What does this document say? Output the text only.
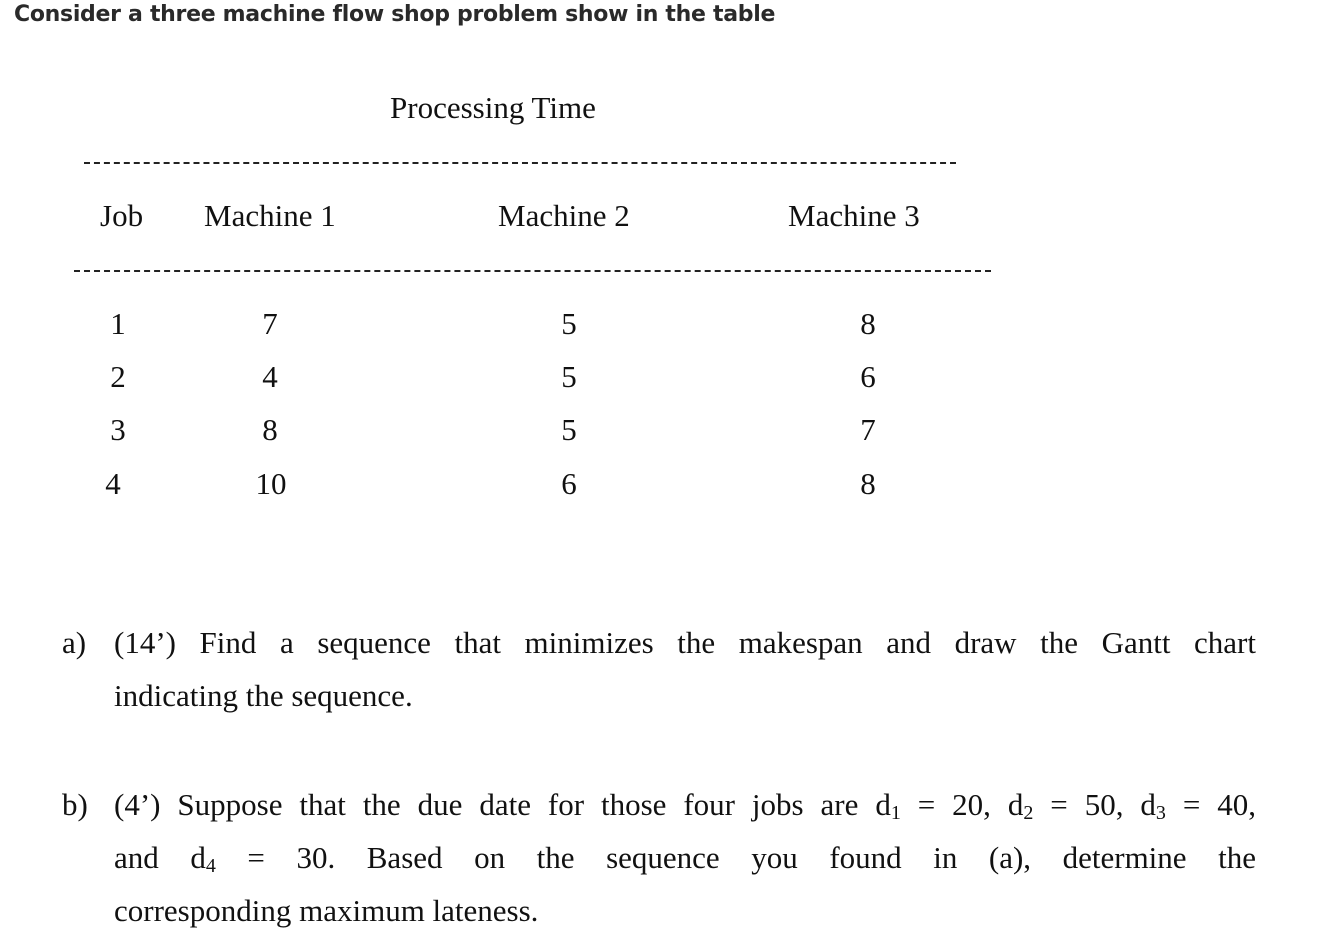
Consider a three machine flow shop problem show in the table
Processing Time
Job Machine 1	Machine 2	Machine 3
1	7	5	8
2	4	5	6
3	8	5	7
4	10	6	8
a) (14’) Find a sequence that minimizes the makespan and draw the Gantt chart
indicating the sequence.
b) (4’) Suppose that the due date for those four jobs are $d_1 = 20$, $d_2 = 50$, $d_3 = 40$,
and $d_4 = 30$. Based on the sequence you found in (a), determine the
corresponding maximum lateness.
